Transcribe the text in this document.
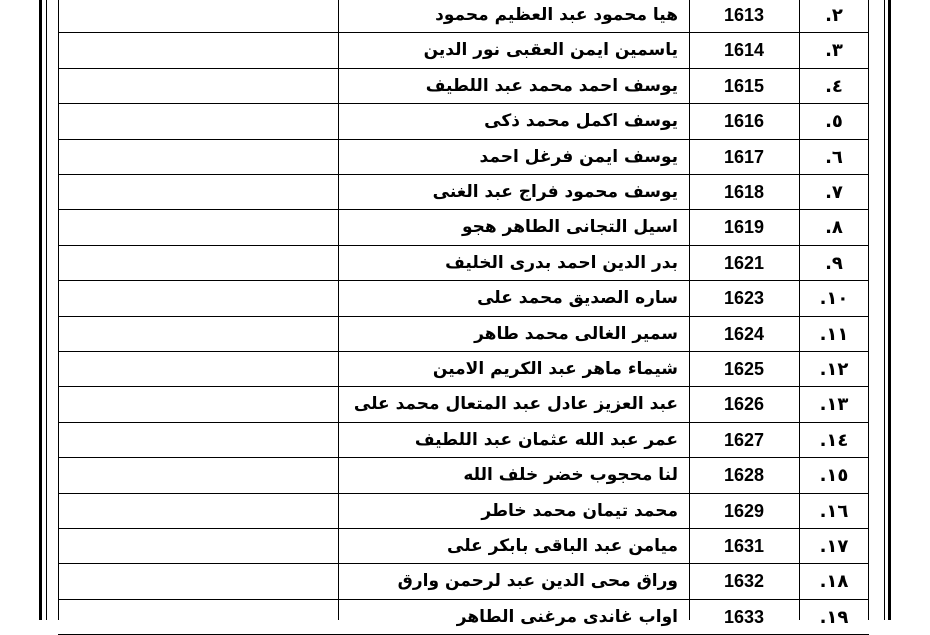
.٢
1613
هيا محمود عبد العظيم محمود
.٣
1614
ياسمين ايمن العقبى نور الدين
.٤
1615
يوسف احمد محمد عبد اللطيف
.٥
1616
يوسف اكمل محمد ذكى
.٦
1617
يوسف ايمن فرغل احمد
.٧
1618
يوسف محمود فراج عبد الغنى
.٨
1619
اسيل التجانى الطاهر هجو
.٩
1621
بدر الدين احمد بدرى الخليف
.١٠
1623
ساره الصديق محمد على
.١١
1624
سمير الغالى محمد طاهر
.١٢
1625
شيماء ماهر عبد الكريم الامين
.١٣
1626
عبد العزيز عادل عبد المتعال محمد على
.١٤
1627
عمر عبد الله عثمان عبد اللطيف
.١٥
1628
لنا محجوب خضر خلف الله
.١٦
1629
محمد تيمان محمد خاطر
.١٧
1631
ميامن عبد الباقى بابكر على
.١٨
1632
وراق محى الدين عبد لرحمن وارق
.١٩
1633
اواب غاندى مرغنى الطاهر
